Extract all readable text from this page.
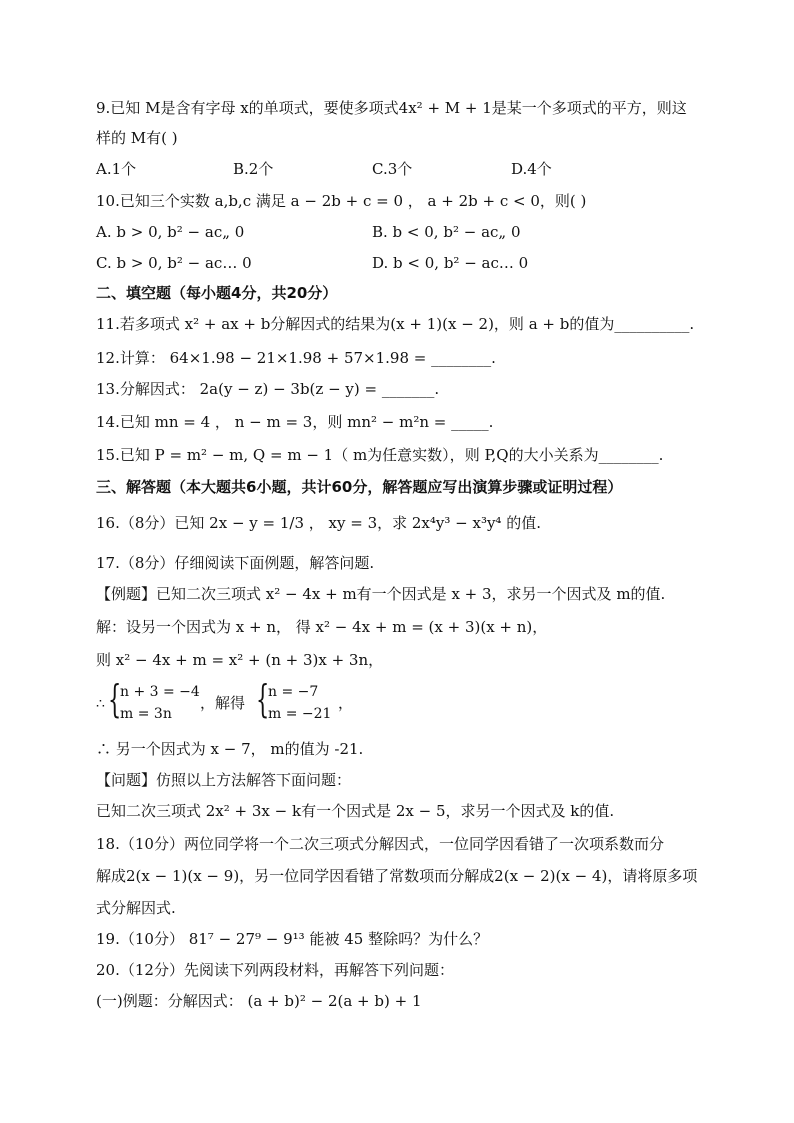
9.已知 M是含有字母 x的单项式，要使多项式4x² + M + 1是某一个多项式的平方，则这
样的 M有( )
A.1个	B.2个	C.3个	D.4个
10.已知三个实数 a,b,c 满足 a − 2b + c = 0 ， a + 2b + c < 0，则( )
A. b > 0, b² − ac„ 0	B. b < 0, b² − ac„ 0
C. b > 0, b² − ac… 0	D. b < 0, b² − ac… 0
二、填空题（每小题4分，共20分）
11.若多项式 x² + ax + b分解因式的结果为(x + 1)(x − 2)，则 a + b的值为__________.
12.计算： 64×1.98 − 21×1.98 + 57×1.98 = ________.
13.分解因式： 2a(y − z) − 3b(z − y) = _______.
14.已知 mn = 4 ， n − m = 3，则 mn² − m²n = _____.
15.已知 P = m² − m, Q = m − 1（ m为任意实数），则 P,Q的大小关系为________.
三、解答题（本大题共6小题，共计60分，解答题应写出演算步骤或证明过程）
16.（8分）已知 2x − y = 1/3 ， xy = 3，求 2x⁴y³ − x³y⁴ 的值.
17.（8分）仔细阅读下面例题，解答问题.
【例题】已知二次三项式 x² − 4x + m有一个因式是 x + 3，求另一个因式及 m的值.
解：设另一个因式为 x + n， 得 x² − 4x + m = (x + 3)(x + n)，
则 x² − 4x + m = x² + (n + 3)x + 3n，
∴ {
n + 3 = −4
m = 3n
，解得 {
n = −7
m = −21
，
∴ 另一个因式为 x − 7， m的值为 -21.
【问题】仿照以上方法解答下面问题：
已知二次三项式 2x² + 3x − k有一个因式是 2x − 5，求另一个因式及 k的值.
18.（10分）两位同学将一个二次三项式分解因式，一位同学因看错了一次项系数而分
解成2(x − 1)(x − 9)，另一位同学因看错了常数项而分解成2(x − 2)(x − 4)，请将原多项
式分解因式.
19.（10分） 81⁷ − 27⁹ − 9¹³ 能被 45 整除吗？为什么？
20.（12分）先阅读下列两段材料，再解答下列问题：
(一)例题：分解因式： (a + b)² − 2(a + b) + 1
